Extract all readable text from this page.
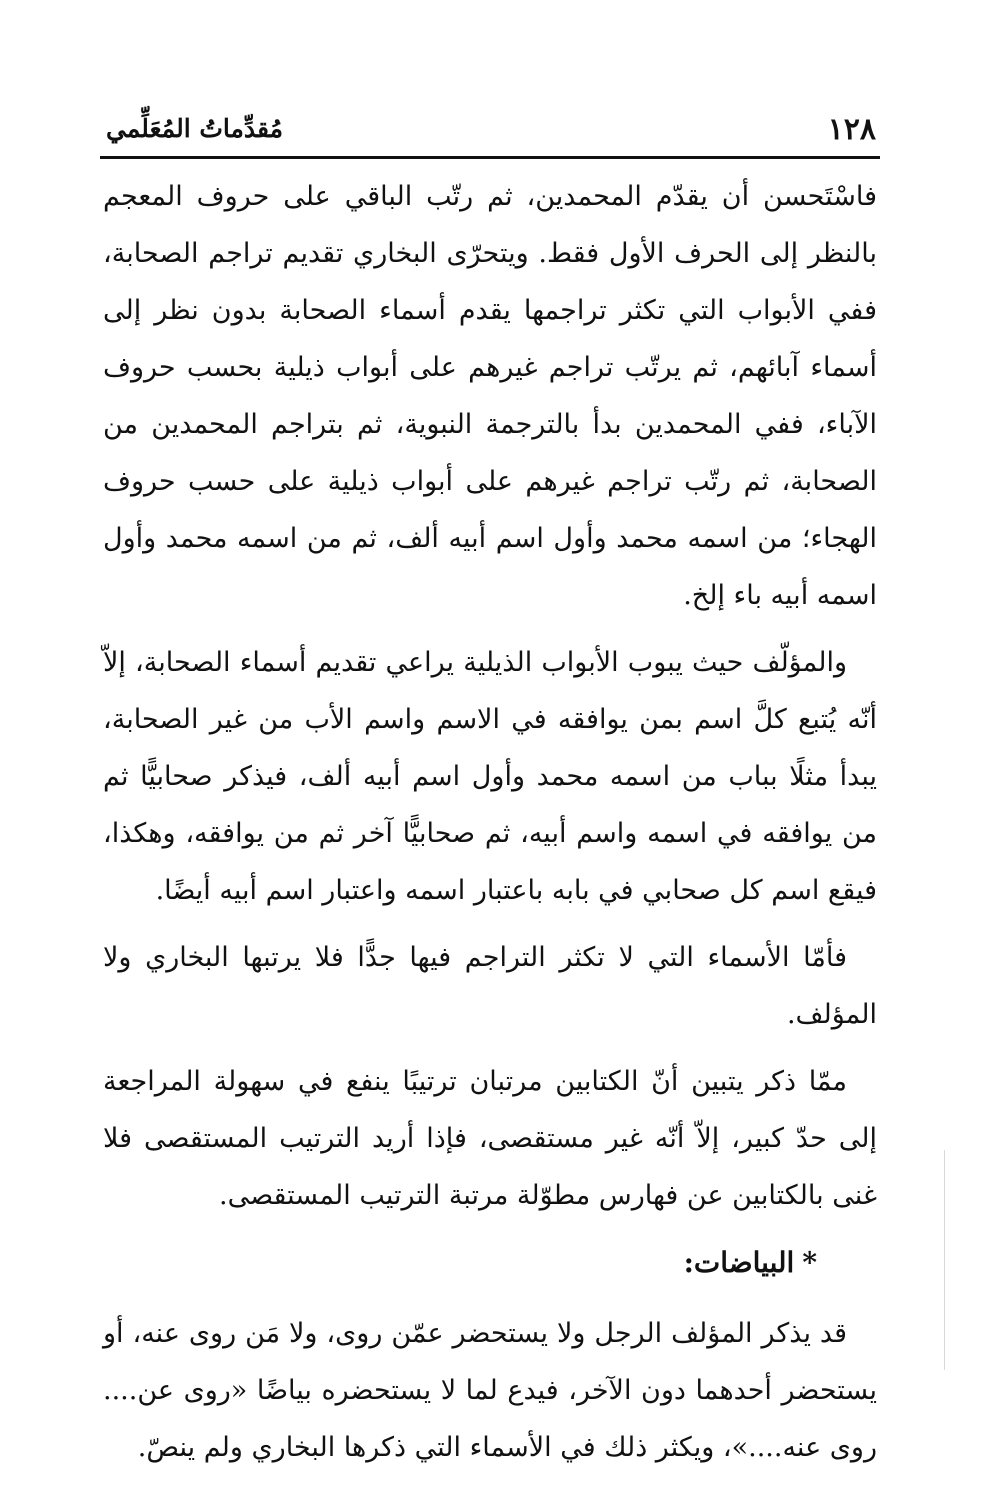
١٢٨
مُقدِّماتُ المُعَلِّمي

فاسْتَحسن أن يقدّم المحمدين، ثم رتّب الباقي على حروف المعجم بالنظر إلى الحرف الأول فقط. ويتحرّى البخاري تقديم تراجم الصحابة، ففي الأبواب التي تكثر تراجمها يقدم أسماء الصحابة بدون نظر إلى أسماء آبائهم، ثم يرتّب تراجم غيرهم على أبواب ذيلية بحسب حروف الآباء، ففي المحمدين بدأ بالترجمة النبوية، ثم بتراجم المحمدين من الصحابة، ثم رتّب تراجم غيرهم على أبواب ذيلية على حسب حروف الهجاء؛ من اسمه محمد وأول اسم أبيه ألف، ثم من اسمه محمد وأول اسمه أبيه باء إلخ.

والمؤلّف حيث يبوب الأبواب الذيلية يراعي تقديم أسماء الصحابة، إلاّ أنّه يُتبع كلَّ اسم بمن يوافقه في الاسم واسم الأب من غير الصحابة، يبدأ مثلًا بباب من اسمه محمد وأول اسم أبيه ألف، فيذكر صحابيًّا ثم من يوافقه في اسمه واسم أبيه، ثم صحابيًّا آخر ثم من يوافقه، وهكذا، فيقع اسم كل صحابي في بابه باعتبار اسمه واعتبار اسم أبيه أيضًا.

فأمّا الأسماء التي لا تكثر التراجم فيها جدًّا فلا يرتبها البخاري ولا المؤلف.

ممّا ذكر يتبين أنّ الكتابين مرتبان ترتيبًا ينفع في سهولة المراجعة إلى حدّ كبير، إلاّ أنّه غير مستقصى، فإذا أريد الترتيب المستقصى فلا غنى بالكتابين عن فهارس مطوّلة مرتبة الترتيب المستقصى.

*البياضات:

قد يذكر المؤلف الرجل ولا يستحضر عمّن روى، ولا مَن روى عنه، أو يستحضر أحدهما دون الآخر، فيدع لما لا يستحضره بياضًا «روى عن.... روى عنه....»، ويكثر ذلك في الأسماء التي ذكرها البخاري ولم ينصّ.
